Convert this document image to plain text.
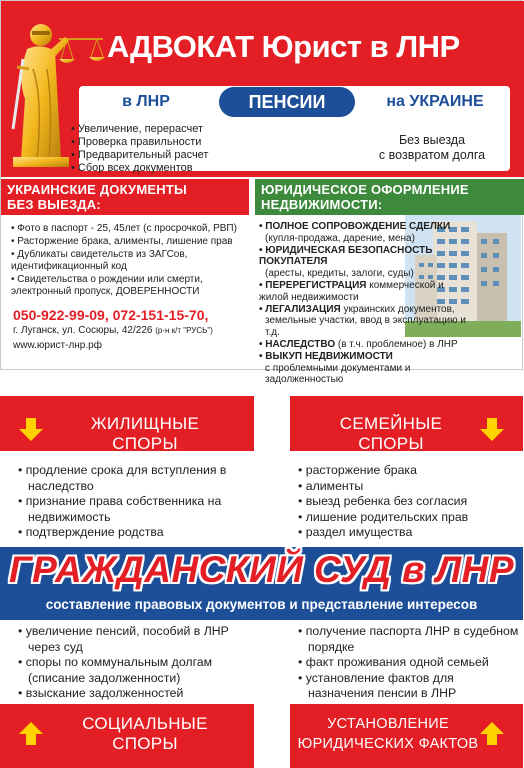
АДВОКАТ Юрист в ЛНР
в ЛНР	ПЕНСИИ	на УКРАИНЕ
• Увеличение, перерасчет
• Проверка правильности
• Предварительный расчет
• Сбор всех документов
Без выезда
с возвратом долга
УКРАИНСКИЕ ДОКУМЕНТЫ
БЕЗ ВЫЕЗДА:
ЮРИДИЧЕСКОЕ ОФОРМЛЕНИЕ
НЕДВИЖИМОСТИ:
• Фото в паспорт - 25, 45лет (с просрочкой, РВП)
• Расторжение брака, алименты, лишение прав
• Дубликаты свидетельств из ЗАГСов, идентификационный код
• Свидетельства о рождении или смерти, электронный пропуск, ДОВЕРЕННОСТИ
050-922-99-09, 072-151-15-70,
г. Луганск, ул. Сосюры, 42/226 (р-н к/т "РУСЬ")
www.юрист-лнр.рф
• ПОЛНОЕ СОПРОВОЖДЕНИЕ СДЕЛКИ
(купля-продажа, дарение, мена)
• ЮРИДИЧЕСКАЯ БЕЗОПАСНОСТЬ ПОКУПАТЕЛЯ
(аресты, кредиты, залоги, суды)
• ПЕРЕРЕГИСТРАЦИЯ коммерческой и жилой недвижимости
• ЛЕГАЛИЗАЦИЯ украинских документов,
земельные участки, ввод в эксплуатацию и т.д.
• НАСЛЕДСТВО (в т.ч. проблемное) в ЛНР
• ВЫКУП НЕДВИЖИМОСТИ
с проблемными документами и задолженностью
ЖИЛИЩНЫЕ
СПОРЫ
СЕМЕЙНЫЕ
СПОРЫ
• продление срока для вступления в наследство
• признание права собственника на недвижимость
• подтверждение родства
• расторжение брака
• алименты
• выезд ребенка без согласия
• лишение родительских прав
• раздел имущества
ГРАЖДАНСКИЙ СУД в ЛНР
составление правовых документов и представление интересов
• увеличение пенсий, пособий в ЛНР через суд
• споры по коммунальным долгам (списание задолженности)
• взыскание задолженностей
• получение паспорта ЛНР в судебном порядке
• факт проживания одной семьей
• установление фактов для назначения пенсии в ЛНР
СОЦИАЛЬНЫЕ
СПОРЫ
УСТАНОВЛЕНИЕ
ЮРИДИЧЕСКИХ ФАКТОВ
